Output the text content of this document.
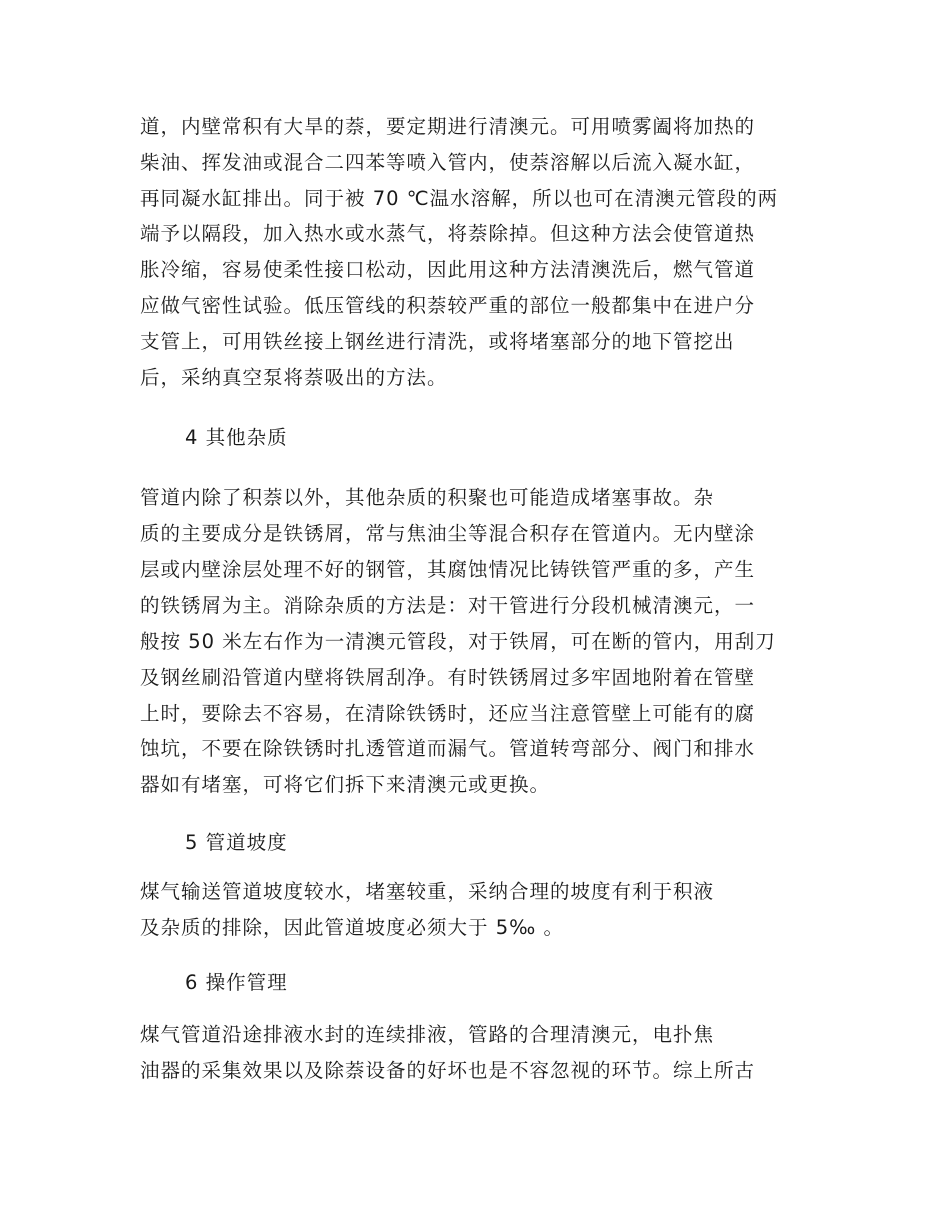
道，内壁常积有大旱的萘，要定期进行清澳元。可用喷雾阖将加热的
柴油、挥发油或混合二四苯等喷入管内，使萘溶解以后流入凝水缸，
再同凝水缸排出。同于被 70 ℃温水溶解，所以也可在清澳元管段的两
端予以隔段，加入热水或水蒸气，将萘除掉。但这种方法会使管道热
胀冷缩，容易使柔性接口松动，因此用这种方法清澳洗后，燃气管道
应做气密性试验。低压管线的积萘较严重的部位一般都集中在进户分
支管上，可用铁丝接上钢丝进行清洗，或将堵塞部分的地下管挖出
后，采纳真空泵将萘吸出的方法。
4 其他杂质
管道内除了积萘以外，其他杂质的积聚也可能造成堵塞事故。杂
质的主要成分是铁锈屑，常与焦油尘等混合积存在管道内。无内壁涂
层或内壁涂层处理不好的钢管，其腐蚀情况比铸铁管严重的多，产生
的铁锈屑为主。消除杂质的方法是：对干管进行分段机械清澳元，一
般按 50 米左右作为一清澳元管段，对于铁屑，可在断的管内，用刮刀
及钢丝刷沿管道内壁将铁屑刮净。有时铁锈屑过多牢固地附着在管壁
上时，要除去不容易，在清除铁锈时，还应当注意管壁上可能有的腐
蚀坑，不要在除铁锈时扎透管道而漏气。管道转弯部分、阀门和排水
器如有堵塞，可将它们拆下来清澳元或更换。
5 管道坡度
煤气输送管道坡度较水，堵塞较重，采纳合理的坡度有利于积液
及杂质的排除，因此管道坡度必须大于 5‰ 。
6 操作管理
煤气管道沿途排液水封的连续排液，管路的合理清澳元，电扑焦
油器的采集效果以及除萘设备的好坏也是不容忽视的环节。综上所古
